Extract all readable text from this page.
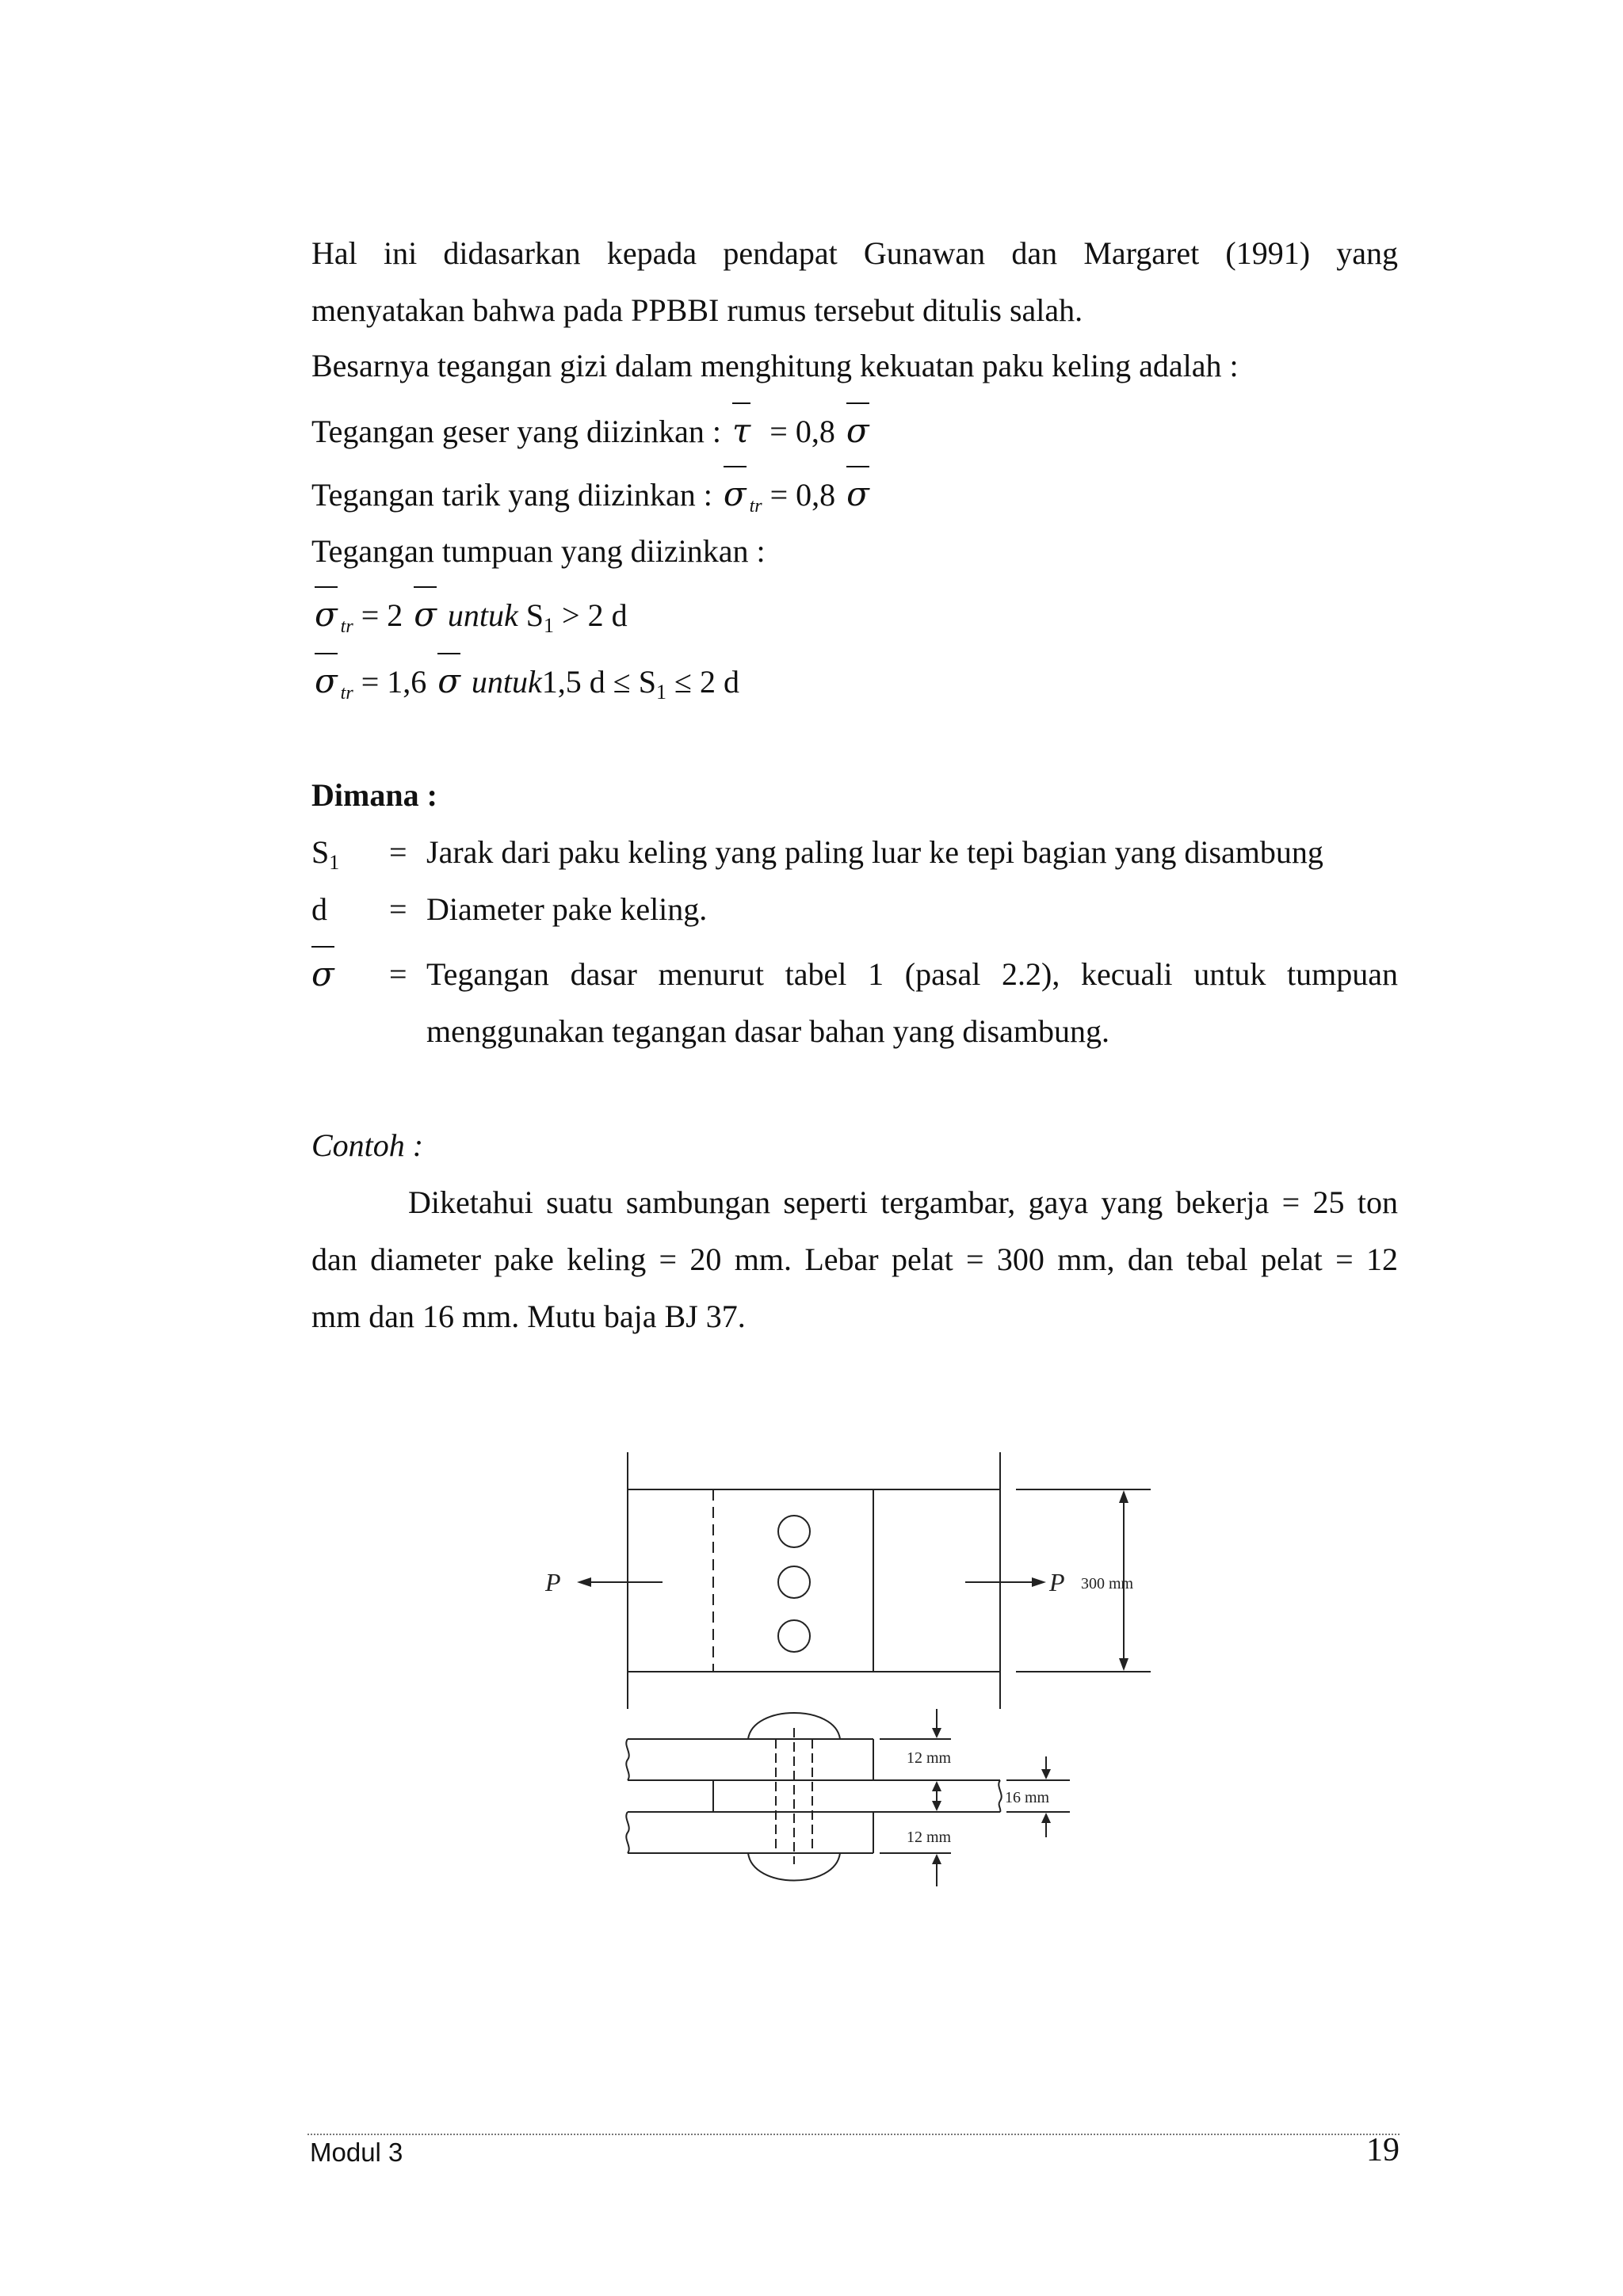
Hal ini didasarkan kepada pendapat Gunawan dan Margaret (1991) yang
menyatakan bahwa pada PPBBI rumus tersebut ditulis salah.
Besarnya tegangan gizi dalam menghitung kekuatan paku keling adalah :
Tegangan geser yang diizinkan : τ = 0,8 σ
Tegangan tarik yang diizinkan : σ $_{tr}$ = 0,8 σ
Tegangan tumpuan yang diizinkan :
σ $_{tr}$ = 2 σ untuk $S_1 > 2$ d
σ $_{tr}$ = 1,6 σ untuk1,5 $d \le S_1 \le 2$ d
Dimana :
$S_1$ = Jarak dari paku keling yang paling luar ke tepi bagian yang disambung
d = Diameter pake keling.
σ = Tegangan dasar menurut tabel 1 (pasal 2.2), kecuali untuk tumpuan
menggunakan tegangan dasar bahan yang disambung.
Contoh :
Diketahui suatu sambungan seperti tergambar, gaya yang bekerja = 25 ton
dan diameter pake keling = 20 mm. Lebar pelat = 300 mm, dan tebal pelat = 12
mm dan 16 mm. Mutu baja BJ 37.
P	P 300 mm
12 mm
16 mm
12 mm
Modul 3	19
